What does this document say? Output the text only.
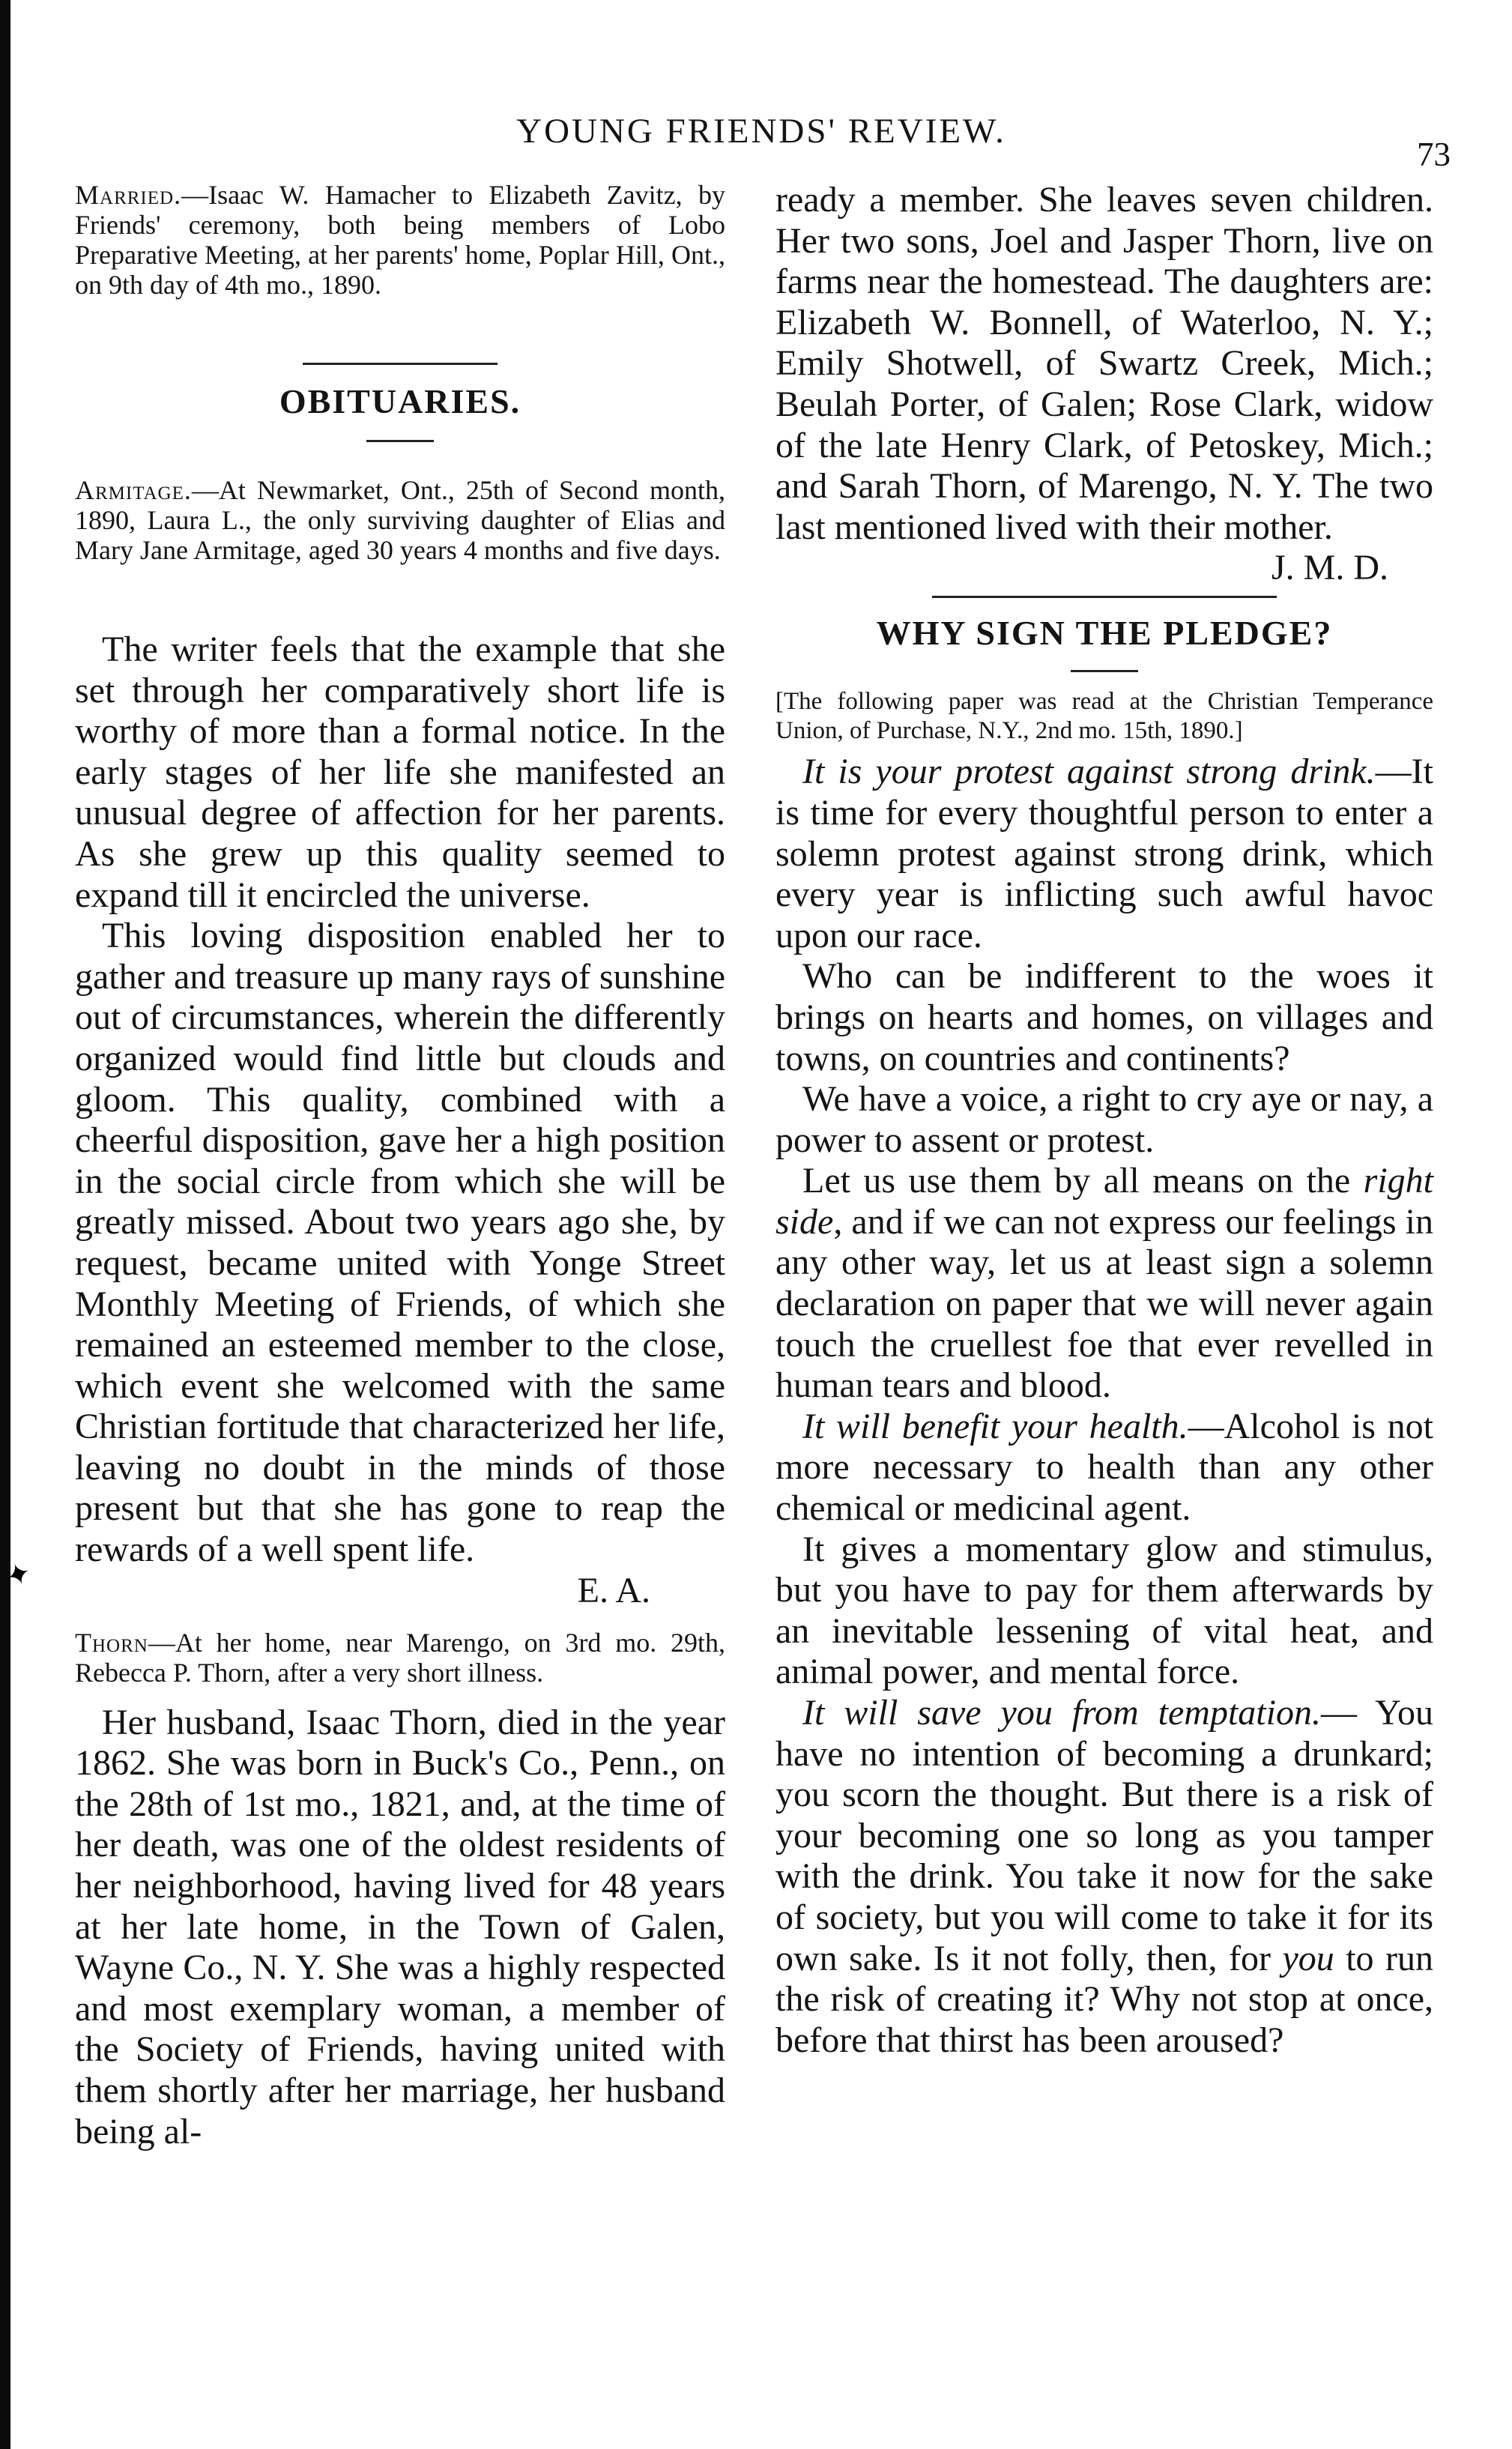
✦
YOUNG FRIENDS' REVIEW.
73

Married.—Isaac W. Hamacher to Elizabeth Zavitz, by Friends' ceremony, both being members of Lobo Preparative Meeting, at her parents' home, Poplar Hill, Ont., on 9th day of 4th mo., 1890.

OBITUARIES.

Armitage.—At Newmarket, Ont., 25th of Second month, 1890, Laura L., the only surviving daughter of Elias and Mary Jane Armitage, aged 30 years 4 months and five days.

The writer feels that the example that she set through her comparatively short life is worthy of more than a formal notice. In the early stages of her life she manifested an unusual degree of affection for her parents. As she grew up this quality seemed to expand till it encircled the universe.

This loving disposition enabled her to gather and treasure up many rays of sunshine out of circumstances, wherein the differently organized would find little but clouds and gloom. This quality, combined with a cheerful disposition, gave her a high position in the social circle from which she will be greatly missed. About two years ago she, by request, became united with Yonge Street Monthly Meeting of Friends, of which she remained an esteemed member to the close, which event she welcomed with the same Christian fortitude that characterized her life, leaving no doubt in the minds of those present but that she has gone to reap the rewards of a well spent life.

E. A.

Thorn—At her home, near Marengo, on 3rd mo. 29th, Rebecca P. Thorn, after a very short illness.

Her husband, Isaac Thorn, died in the year 1862. She was born in Buck's Co., Penn., on the 28th of 1st mo., 1821, and, at the time of her death, was one of the oldest residents of her neighborhood, having lived for 48 years at her late home, in the Town of Galen, Wayne Co., N. Y. She was a highly respected and most exemplary woman, a member of the Society of Friends, having united with them shortly after her marriage, her husband being al-

ready a member. She leaves seven children. Her two sons, Joel and Jasper Thorn, live on farms near the homestead. The daughters are: Elizabeth W. Bonnell, of Waterloo, N. Y.; Emily Shotwell, of Swartz Creek, Mich.; Beulah Porter, of Galen; Rose Clark, widow of the late Henry Clark, of Petoskey, Mich.; and Sarah Thorn, of Marengo, N. Y. The two last mentioned lived with their mother.

J. M. D.

WHY SIGN THE PLEDGE?

[The following paper was read at the Christian Temperance Union, of Purchase, N.Y., 2nd mo. 15th, 1890.]

It is your protest against strong drink.—It is time for every thoughtful person to enter a solemn protest against strong drink, which every year is inflicting such awful havoc upon our race.

Who can be indifferent to the woes it brings on hearts and homes, on villages and towns, on countries and continents?

We have a voice, a right to cry aye or nay, a power to assent or protest.

Let us use them by all means on the right side, and if we can not express our feelings in any other way, let us at least sign a solemn declaration on paper that we will never again touch the cruellest foe that ever revelled in human tears and blood.

It will benefit your health.—Alcohol is not more necessary to health than any other chemical or medicinal agent.

It gives a momentary glow and stimulus, but you have to pay for them afterwards by an inevitable lessening of vital heat, and animal power, and mental force.

It will save you from temptation.— You have no intention of becoming a drunkard; you scorn the thought. But there is a risk of your becoming one so long as you tamper with the drink. You take it now for the sake of society, but you will come to take it for its own sake. Is it not folly, then, for you to run the risk of creating it? Why not stop at once, before that thirst has been aroused?
